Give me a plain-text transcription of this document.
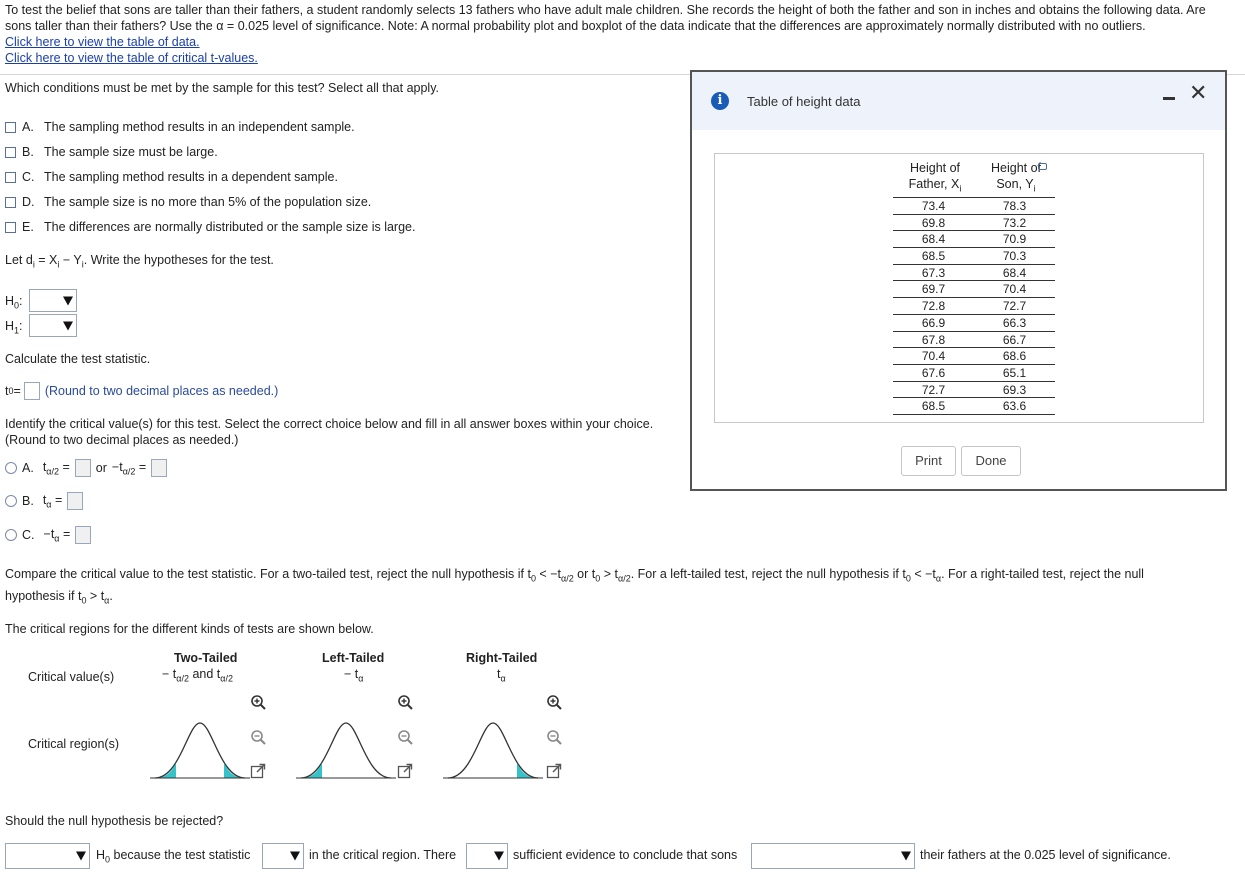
To test the belief that sons are taller than their fathers, a student randomly selects 13 fathers who have adult male children. She records the height of both the father and son in inches and obtains the following data. Are sons taller than their fathers? Use the α = 0.025 level of significance. Note: A normal probability plot and boxplot of the data indicate that the differences are approximately normally distributed with no outliers.
Click here to view the table of data.
Click here to view the table of critical t-values.
Which conditions must be met by the sample for this test? Select all that apply.
A. The sampling method results in an independent sample.
B. The sample size must be large.
C. The sampling method results in a dependent sample.
D. The sample size is no more than 5% of the population size.
E. The differences are normally distributed or the sample size is large.
Let $d_i = X_i - Y_i$. Write the hypotheses for the test.
$H_0$:
$H_1$:
Calculate the test statistic.
t 0 = (Round to two decimal places as needed.)
Identify the critical value(s) for this test. Select the correct choice below and fill in all answer boxes within your choice.
(Round to two decimal places as needed.)
A. $t_{\alpha/2}$ = or $-t_{\alpha/2}$ =
B. $t_\alpha$ =
C. $-t_\alpha$ =
Compare the critical value to the test statistic. For a two-tailed test, reject the null hypothesis if $t_0 < -t_{\alpha/2}$ or $t_0 > t_{\alpha/2}$. For a left-tailed test, reject the null hypothesis if $t_0 < -t_\alpha$. For a right-tailed test, reject the null
hypothesis if $t_0 > t_\alpha$.
The critical regions for the different kinds of tests are shown below.
Two-Tailed	Left-Tailed	Right-Tailed
Critical value(s)	− $t_{\alpha/2}$ and $t_{\alpha/2}$	− $t_\alpha$	$t_\alpha$
Critical region(s)
Should the null hypothesis be rejected?
$H_0$ because the test statistic	in the critical region. There	sufficient evidence to conclude that sons	their fathers at the 0.025 level of significance.
i	Table of height data	✕
Height of
Father, $X_i$
Height of
Son, $Y_i$
73.4	78.3
69.8	73.2
68.4	70.9
68.5	70.3
67.3	68.4
69.7	70.4
72.8	72.7
66.9	66.3
67.8	66.7
70.4	68.6
67.6	65.1
72.7	69.3
68.5	63.6
Print	Done
